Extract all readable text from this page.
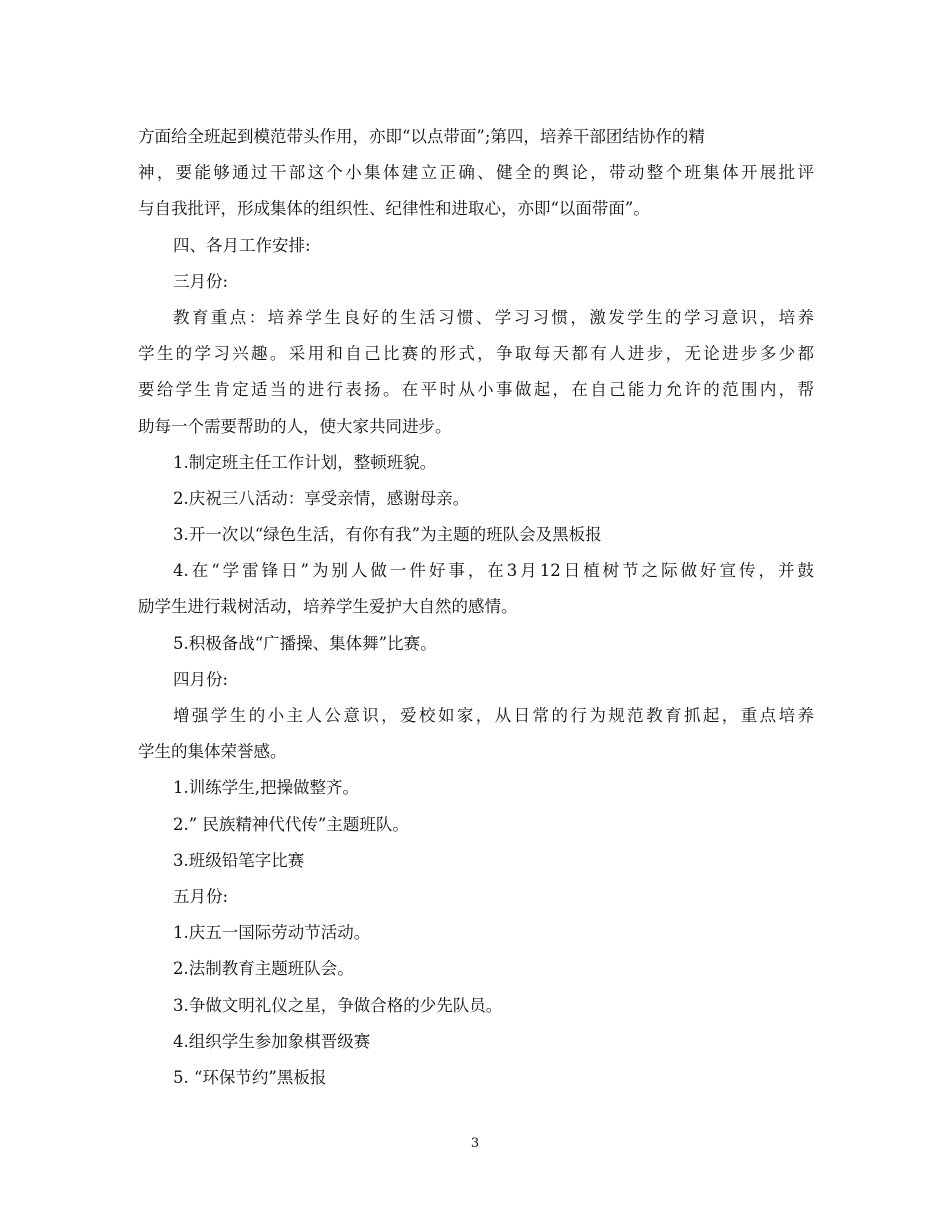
方面给全班起到模范带头作用，亦即“以点带面”;第四，培养干部团结协作的精

神，要能够通过干部这个小集体建立正确、健全的舆论，带动整个班集体开展批评

与自我批评，形成集体的组织性、纪律性和进取心，亦即“以面带面”。

四、各月工作安排:

三月份:

教育重点：培养学生良好的生活习惯、学习习惯，激发学生的学习意识，培养

学生的学习兴趣。采用和自己比赛的形式，争取每天都有人进步，无论进步多少都

要给学生肯定适当的进行表扬。在平时从小事做起，在自己能力允许的范围内，帮

助每一个需要帮助的人，使大家共同进步。

1.制定班主任工作计划，整顿班貌。

2.庆祝三八活动：享受亲情，感谢母亲。

3.开一次以“绿色生活，有你有我”为主题的班队会及黑板报

4.在“学雷锋日”为别人做一件好事，在3月12日植树节之际做好宣传，并鼓

励学生进行栽树活动，培养学生爱护大自然的感情。

5.积极备战“广播操、集体舞”比赛。

四月份:

增强学生的小主人公意识，爱校如家，从日常的行为规范教育抓起，重点培养

学生的集体荣誉感。

1.训练学生,把操做整齐。

2.” 民族精神代代传”主题班队。

3.班级铅笔字比赛

五月份:

1.庆五一国际劳动节活动。

2.法制教育主题班队会。

3.争做文明礼仪之星，争做合格的少先队员。

4.组织学生参加象棋晋级赛

5. “环保节约”黑板报

3
